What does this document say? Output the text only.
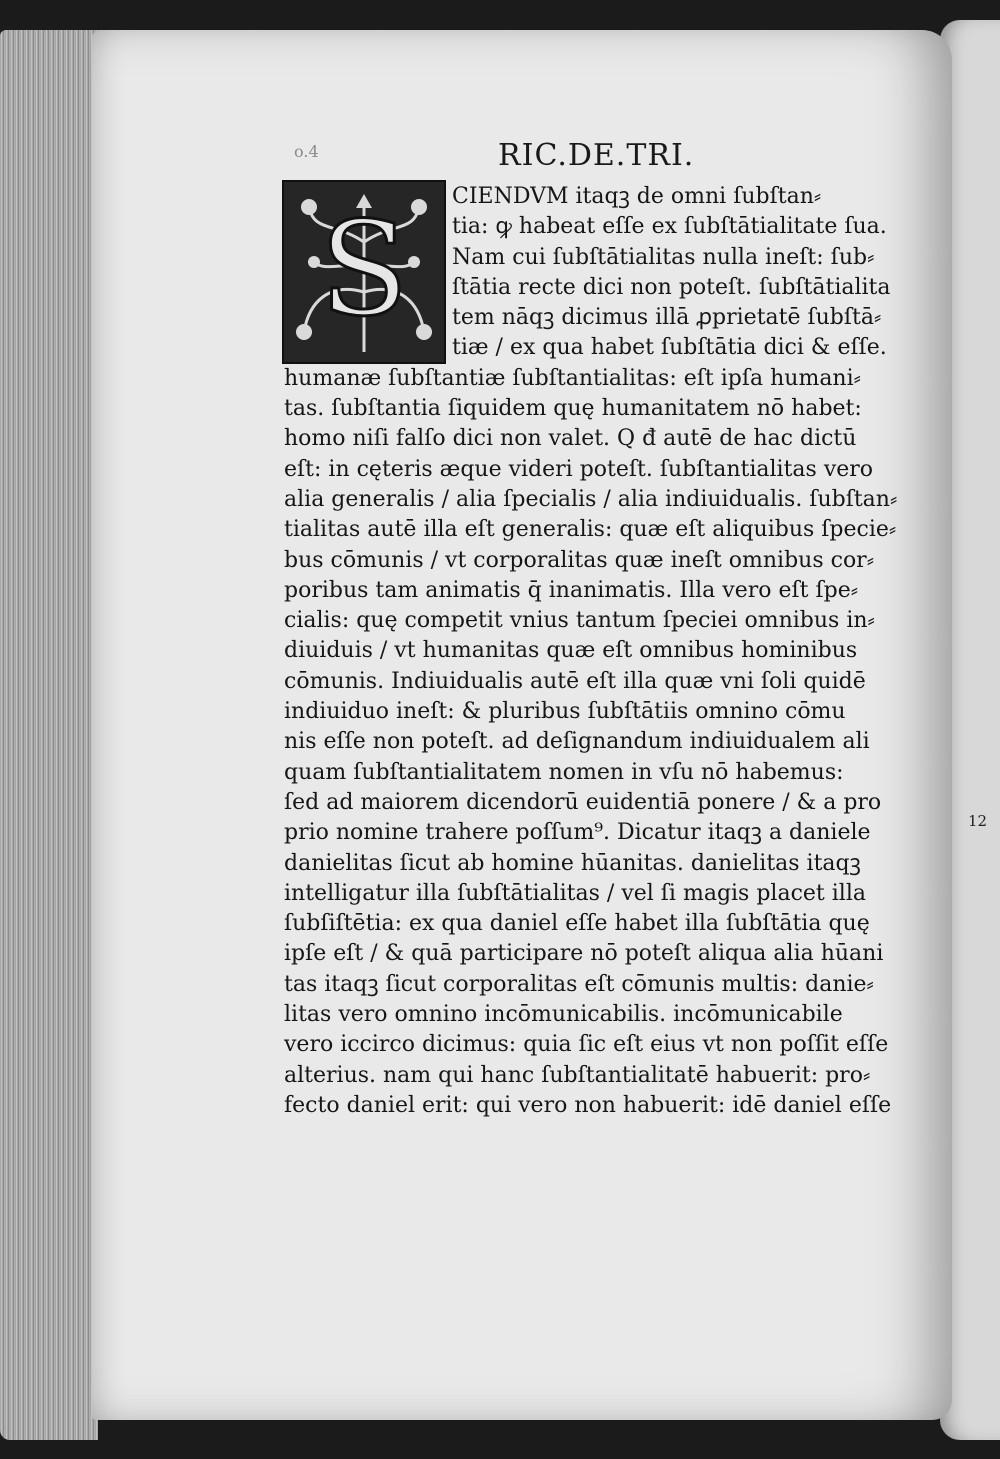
o.4	RIC.DE.TRI.
12
S	CIENDVM itaqꝫ de omni ſubſtan⸗
tia: ꝙ habeat eſſe ex ſubſtātialitate ſua.
Nam cui ſubſtātialitas nulla ineſt: ſub⸗
ſtātia recte dici non poteſt. ſubſtātialita
tem nāqꝫ dicimus illā ꝓprietatē ſubſtā⸗
tiæ / ex qua habet ſubſtātia dici & eſſe.
humanæ ſubſtantiæ ſubſtantialitas: eſt ipſa humani⸗
tas. ſubſtantia ſiquidem quę humanitatem nō habet:
homo niſi falſo dici non valet. Q đ autē de hac dictū
eſt: in cęteris æque videri poteſt. ſubſtantialitas vero
alia generalis / alia ſpecialis / alia indiuidualis. ſubſtan⸗
tialitas autē illa eſt generalis: quæ eſt aliquibus ſpecie⸗
bus cōmunis / vt corporalitas quæ ineſt omnibus cor⸗
poribus tam animatis q̄ inanimatis. Illa vero eſt ſpe⸗
cialis: quę competit vnius tantum ſpeciei omnibus in⸗
diuiduis / vt humanitas quæ eſt omnibus hominibus
cōmunis. Indiuidualis autē eſt illa quæ vni ſoli quidē
indiuiduo ineſt: & pluribus ſubſtātiis omnino cōmu
nis eſſe non poteſt. ad deſignandum indiuidualem ali
quam ſubſtantialitatem nomen in vſu nō habemus:
ſed ad maiorem dicendorū euidentiā ponere / & a pro
prio nomine trahere poſſum⁹. Dicatur itaqꝫ a daniele
danielitas ſicut ab homine hūanitas. danielitas itaqꝫ
intelligatur illa ſubſtātialitas / vel ſi magis placet illa
ſubſiſtētia: ex qua daniel eſſe habet illa ſubſtātia quę
ipſe eſt / & quā participare nō poteſt aliqua alia hūani
tas itaqꝫ ſicut corporalitas eſt cōmunis multis: danie⸗
litas vero omnino incōmunicabilis. incōmunicabile
vero iccirco dicimus: quia ſic eſt eius vt non poſſit eſſe
alterius. nam qui hanc ſubſtantialitatē habuerit: pro⸗
fecto daniel erit: qui vero non habuerit: idē daniel eſſe
